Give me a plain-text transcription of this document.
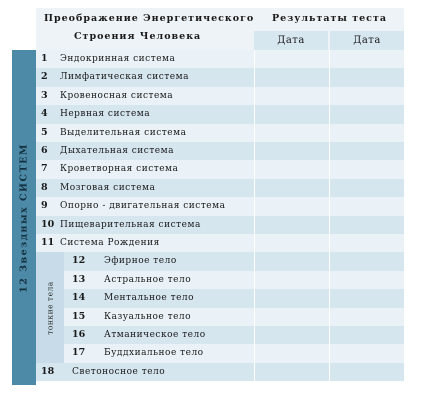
Преображение Энергетического
Строения Человека
Результаты теста
Дата	Дата
12 Звездных СИСТЕМ
тонкие тела
1 Эндокринная система
2 Лимфатическая система
3 Кровеносная система
4 Нервная система
5 Выделительная система
6 Дыхательная система
7 Кроветворная система
8 Мозговая система
9 Опорно - двигательная система
10 Пищеварительная система
11 Система Рождения
12 Эфирное тело
13 Астральное тело
14 Ментальное тело
15 Казуальное тело
16 Атманическое тело
17 Буддхиальное тело
18 Светоносное тело
